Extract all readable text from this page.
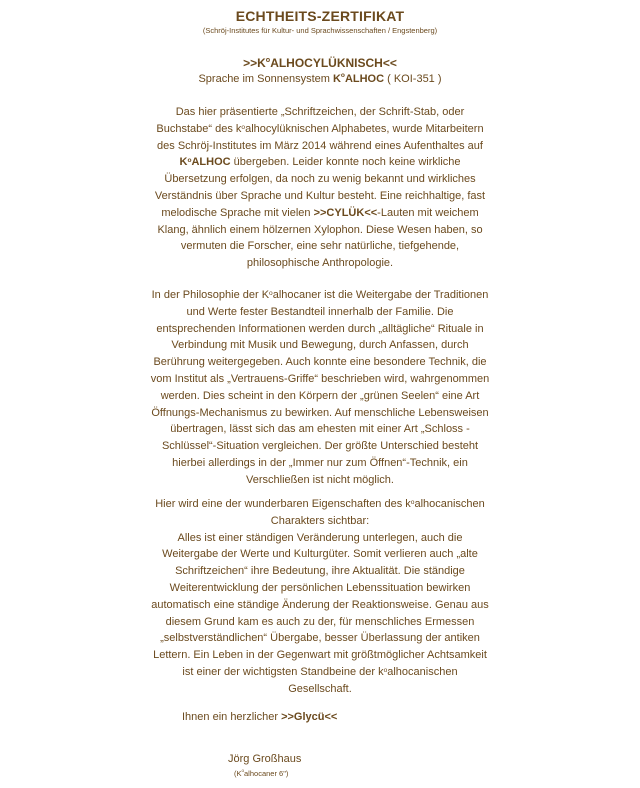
ECHTHEITS-ZERTIFIKAT
(Schröj-Institutes für Kultur- und Sprachwissenschaften / Engstenberg)
$>>K^oALHOCYLÜKNISCH<<$
Sprache im Sonnensystem $K^oALHOC$ ( KOI-351 )
Das hier präsentierte „Schriftzeichen, der Schrift-Stab, oder Buchstabe“ des $k^oalhocylüknischen$ Alphabetes, wurde Mitarbeitern des Schröj-Institutes im März 2014 während eines Aufenthaltes auf $K^oALHOC$ übergeben. Leider konnte noch keine wirkliche Übersetzung erfolgen, da noch zu wenig bekannt und wirkliches Verständnis über Sprache und Kultur besteht. Eine reichhaltige, fast melodische Sprache mit vielen >>CYLÜK<<-Lauten mit weichem Klang, ähnlich einem hölzernen Xylophon. Diese Wesen haben, so vermuten die Forscher, eine sehr natürliche, tiefgehende, philosophische Anthropologie.
In der Philosophie der $K^oalhocaner$ ist die Weitergabe der Traditionen und Werte fester Bestandteil innerhalb der Familie. Die entsprechenden Informationen werden durch „alltägliche“ Rituale in Verbindung mit Musik und Bewegung, durch Anfassen, durch Berührung weitergegeben. Auch konnte eine besondere Technik, die vom Institut als „Vertrauens-Griffe“ beschrieben wird, wahrgenommen werden. Dies scheint in den Körpern der „grünen Seelen“ eine Art Öffnungs-Mechanismus zu bewirken. Auf menschliche Lebensweisen übertragen, lässt sich das am ehesten mit einer Art „Schloss - Schlüssel“-Situation vergleichen. Der größte Unterschied besteht hierbei allerdings in der „Immer nur zum Öffnen“-Technik, ein Verschließen ist nicht möglich.
Hier wird eine der wunderbaren Eigenschaften des $k^oalhocanischen$ Charakters sichtbar:
Alles ist einer ständigen Veränderung unterlegen, auch die Weitergabe der Werte und Kulturgüter. Somit verlieren auch „alte Schriftzeichen“ ihre Bedeutung, ihre Aktualität. Die ständige Weiterentwicklung der persönlichen Lebenssituation bewirken automatisch eine ständige Änderung der Reaktionsweise. Genau aus diesem Grund kam es auch zu der, für menschliches Ermessen „selbstverständlichen“ Übergabe, besser Überlassung der antiken Lettern. Ein Leben in der Gegenwart mit größtmöglicher Achtsamkeit ist einer der wichtigsten Standbeine der $k^oalhocanischen$ Gesellschaft.
Ihnen ein herzlicher >>Glycü<<
Jörg Großhaus
($K^oalhocaner$ 6")
